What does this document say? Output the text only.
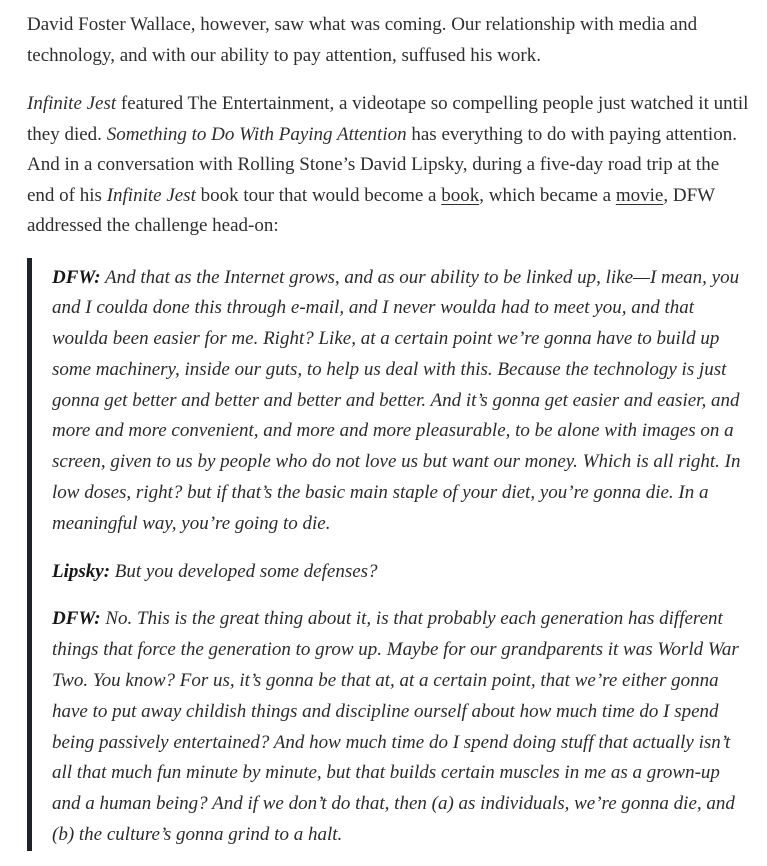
David Foster Wallace, however, saw what was coming. Our relationship with media and technology, and with our ability to pay attention, suffused his work.

Infinite Jest featured The Entertainment, a videotape so compelling people just watched it until they died. Something to Do With Paying Attention has everything to do with paying attention. And in a conversation with Rolling Stone’s David Lipsky, during a five-day road trip at the end of his Infinite Jest book tour that would become a book, which became a movie, DFW addressed the challenge head-on:

DFW: And that as the Internet grows, and as our ability to be linked up, like—I mean, you and I coulda done this through e-mail, and I never woulda had to meet you, and that woulda been easier for me. Right? Like, at a certain point we’re gonna have to build up some machinery, inside our guts, to help us deal with this. Because the technology is just gonna get better and better and better and better. And it’s gonna get easier and easier, and more and more convenient, and more and more pleasurable, to be alone with images on a screen, given to us by people who do not love us but want our money. Which is all right. In low doses, right? but if that’s the basic main staple of your diet, you’re gonna die. In a meaningful way, you’re going to die.

Lipsky: But you developed some defenses?

DFW: No. This is the great thing about it, is that probably each generation has different things that force the generation to grow up. Maybe for our grandparents it was World War Two. You know? For us, it’s gonna be that at, at a certain point, that we’re either gonna have to put away childish things and discipline ourself about how much time do I spend being passively entertained? And how much time do I spend doing stuff that actually isn’t all that much fun minute by minute, but that builds certain muscles in me as a grown-up and a human being? And if we don’t do that, then (a) as individuals, we’re gonna die, and (b) the culture’s gonna grind to a halt.
